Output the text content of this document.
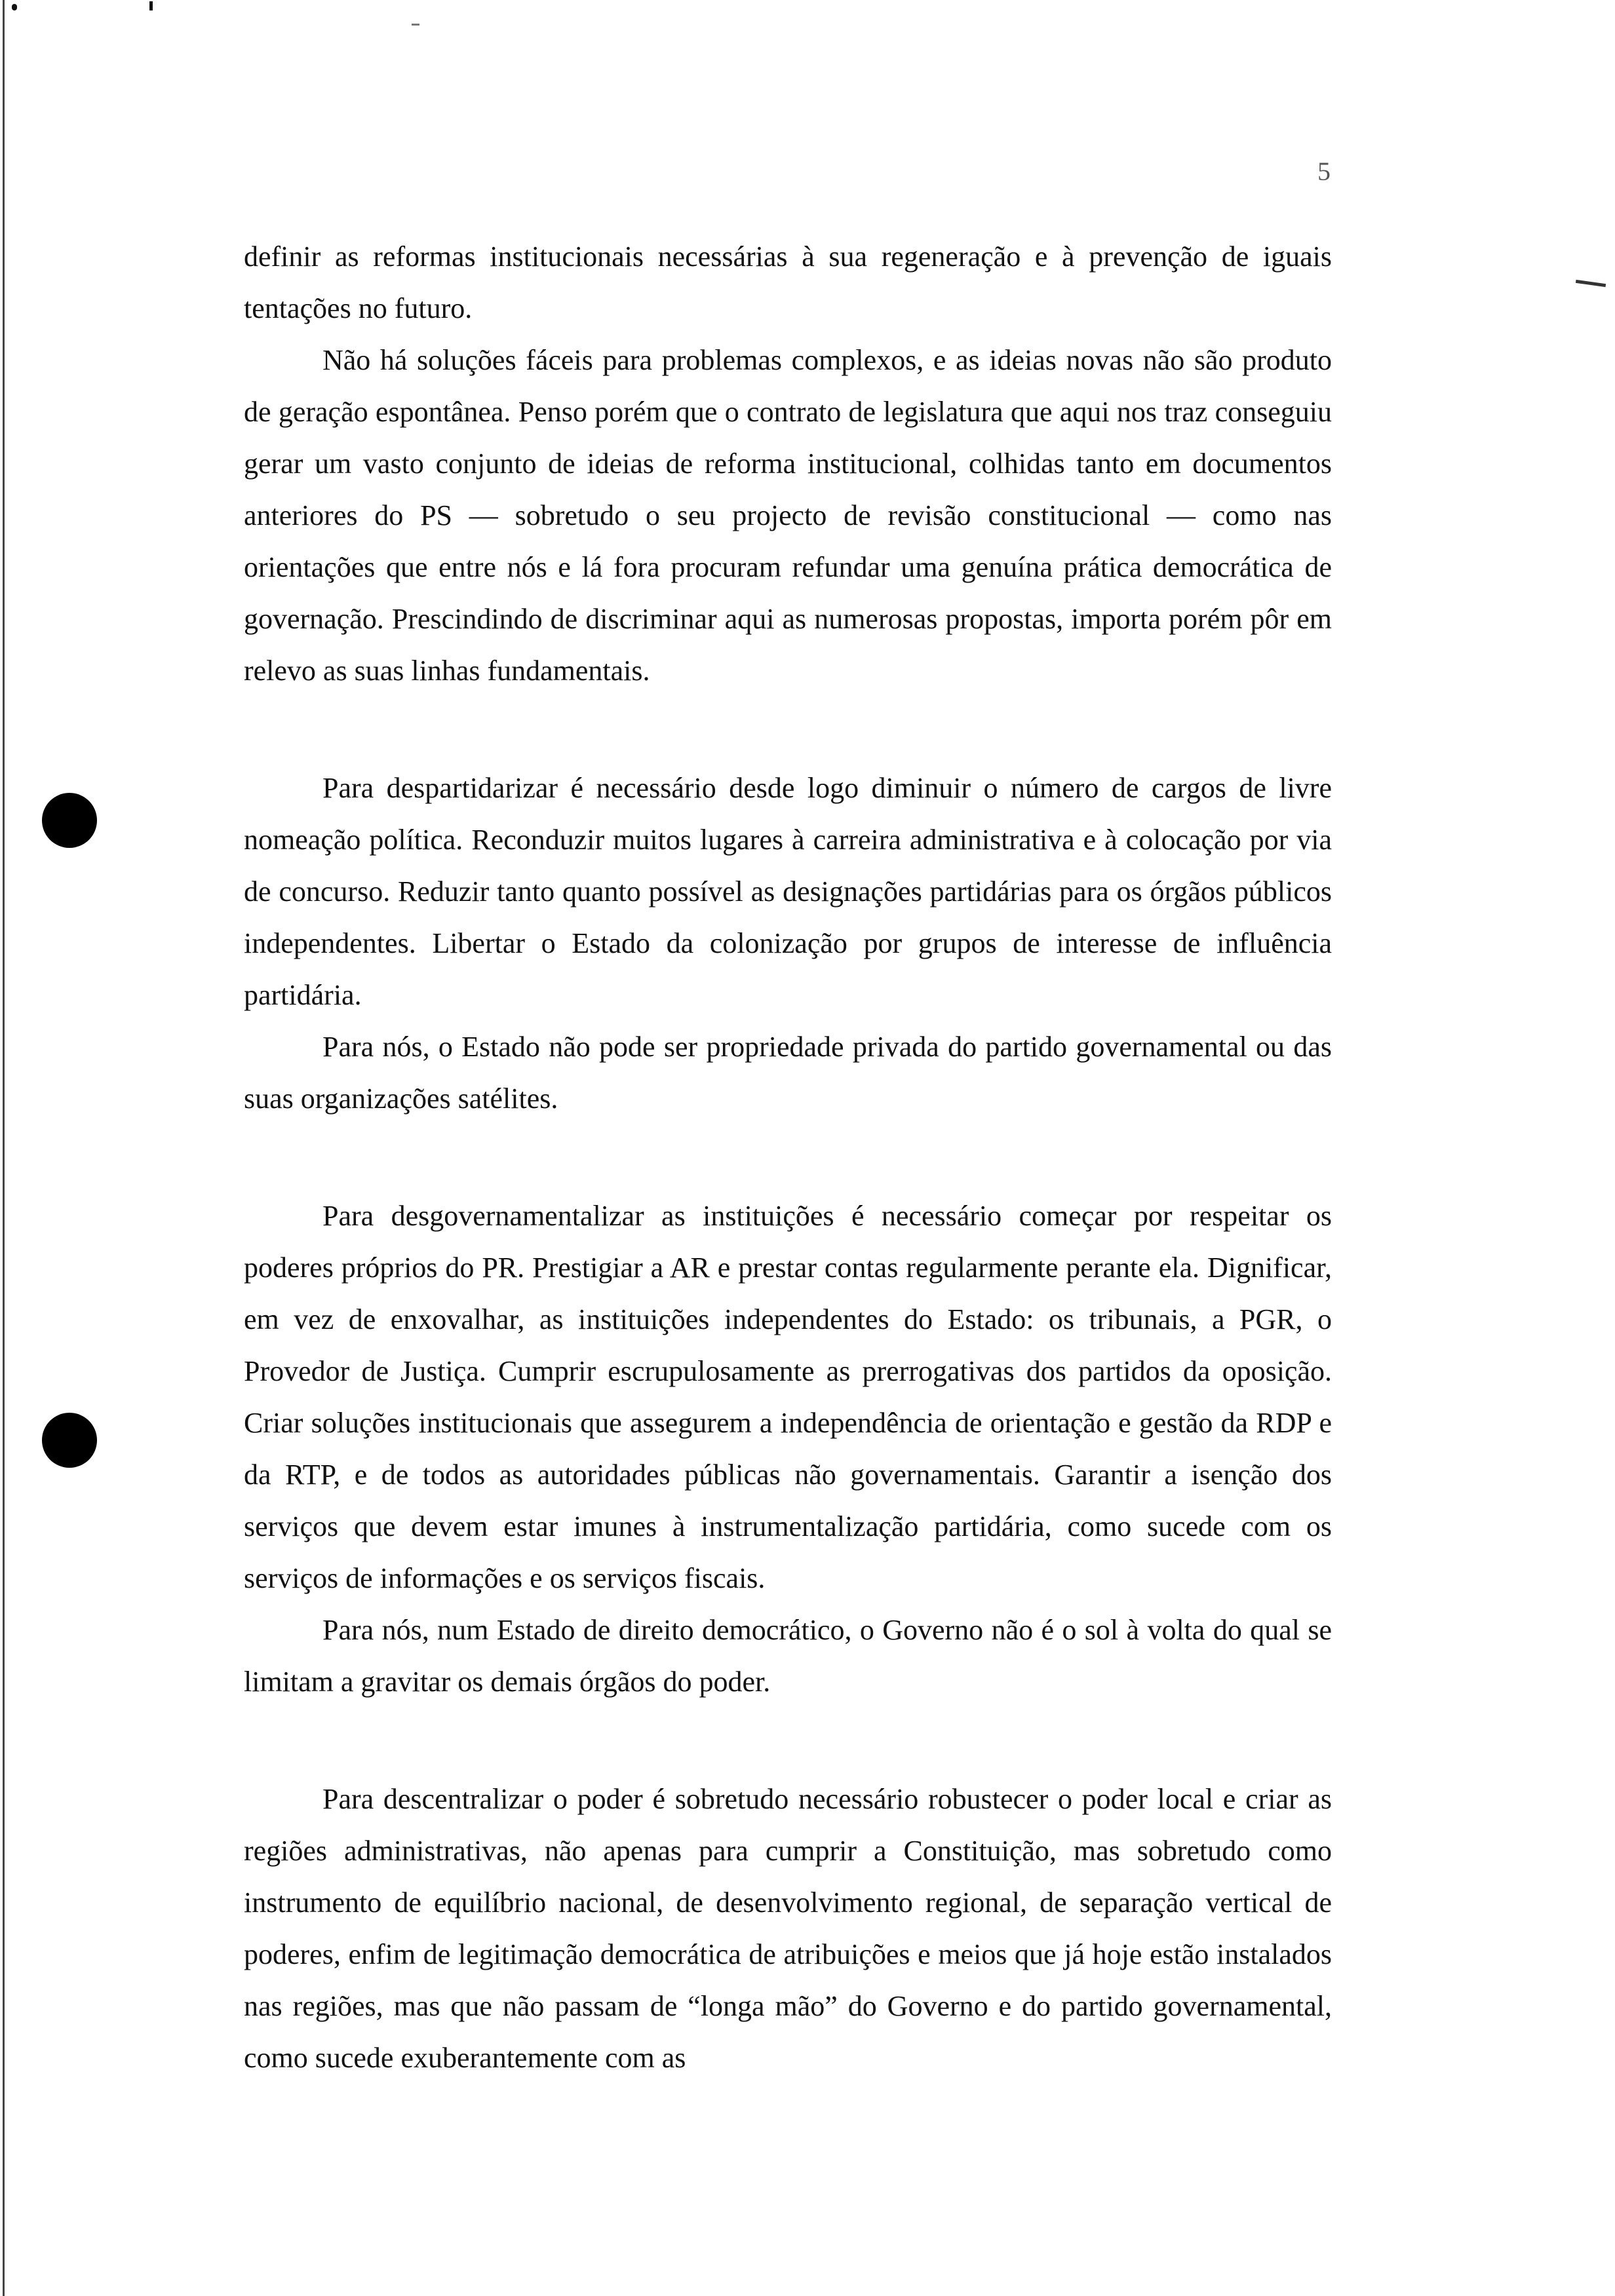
5

definir as reformas institucionais necessárias à sua regeneração e à prevenção de iguais tentações no futuro.

Não há soluções fáceis para problemas complexos, e as ideias novas não são produto de geração espontânea. Penso porém que o contrato de legislatura que aqui nos traz conseguiu gerar um vasto conjunto de ideias de reforma institucional, colhidas tanto em documentos anteriores do PS — sobretudo o seu projecto de revisão constitucional — como nas orientações que entre nós e lá fora procuram refundar uma genuína prática democrática de governação. Prescindindo de discriminar aqui as numerosas propostas, importa porém pôr em relevo as suas linhas fundamentais.

Para despartidarizar é necessário desde logo diminuir o número de cargos de livre nomeação política. Reconduzir muitos lugares à carreira administrativa e à colocação por via de concurso. Reduzir tanto quanto possível as designações partidárias para os órgãos públicos independentes. Libertar o Estado da colonização por grupos de interesse de influência partidária.

Para nós, o Estado não pode ser propriedade privada do partido governamental ou das suas organizações satélites.

Para desgovernamentalizar as instituições é necessário começar por respeitar os poderes próprios do PR. Prestigiar a AR e prestar contas regularmente perante ela. Dignificar, em vez de enxovalhar, as instituições independentes do Estado: os tribunais, a PGR, o Provedor de Justiça. Cumprir escrupulosamente as prerrogativas dos partidos da oposição. Criar soluções institucionais que assegurem a independência de orientação e gestão da RDP e da RTP, e de todos as autoridades públicas não governamentais. Garantir a isenção dos serviços que devem estar imunes à instrumentalização partidária, como sucede com os serviços de informações e os serviços fiscais.

Para nós, num Estado de direito democrático, o Governo não é o sol à volta do qual se limitam a gravitar os demais órgãos do poder.

Para descentralizar o poder é sobretudo necessário robustecer o poder local e criar as regiões administrativas, não apenas para cumprir a Constituição, mas sobretudo como instrumento de equilíbrio nacional, de desenvolvimento regional, de separação vertical de poderes, enfim de legitimação democrática de atribuições e meios que já hoje estão instalados nas regiões, mas que não passam de “longa mão” do Governo e do partido governamental, como sucede exuberantemente com as
